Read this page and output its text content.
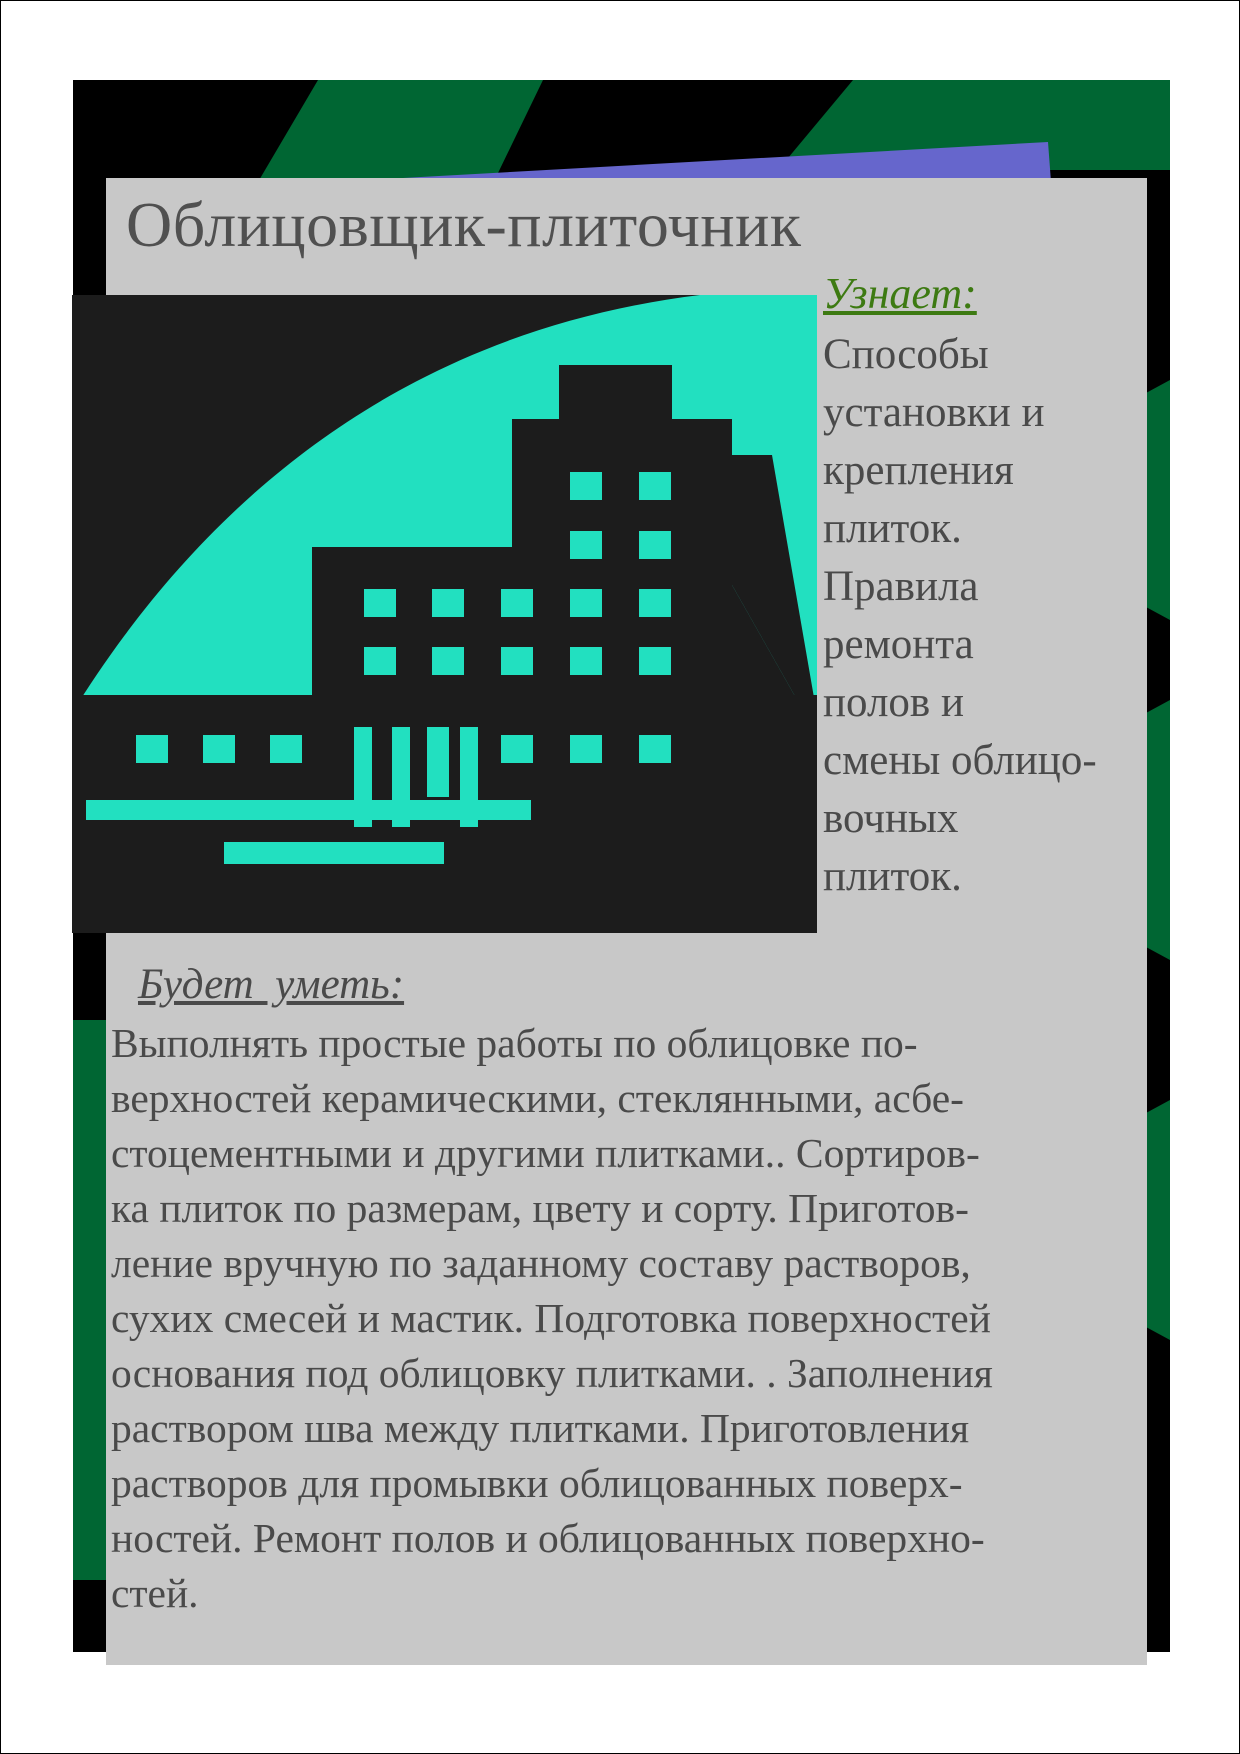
Облицовщик-плиточник
Узнает:

Способы
установки и
крепления
плиток.
Правила
ремонта
полов и
смены облицо-
вочных
плиток.

Будет  уметь:

Выполнять простые работы по облицовке по-
верхностей керамическими, стеклянными, асбе-
стоцементными и другими плитками.. Сортиров-
ка плиток по размерам, цвету и сорту. Приготов-
ление вручную по заданному составу растворов,
сухих смесей и мастик. Подготовка поверхностей
основания под облицовку плитками. . Заполнения
раствором шва между плитками. Приготовления
растворов для промывки облицованных поверх-
ностей. Ремонт полов и облицованных поверхно-
стей.
